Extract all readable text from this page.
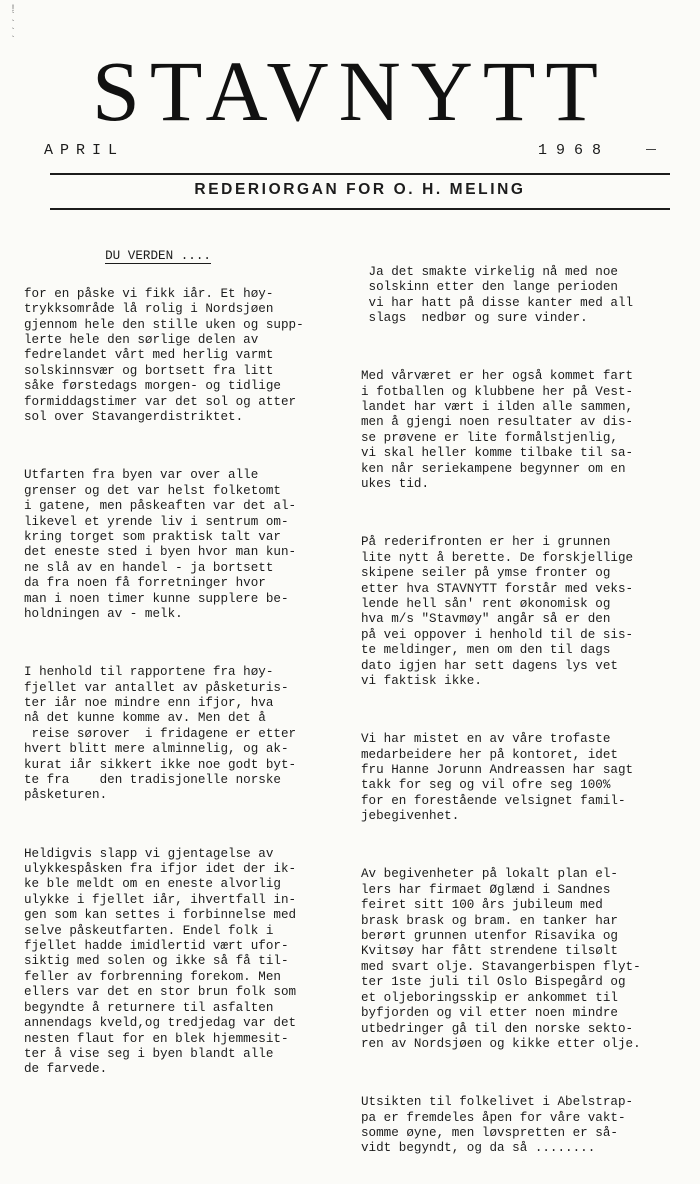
!
`
`
`
`
STAVNYTT
APRIL	1968
REDERIORGAN FOR O. H. MELING

DU VERDEN ....

for en påske vi fikk iår. Et høy-
trykksområde lå rolig i Nordsjøen
gjennom hele den stille uken og supp-
lerte hele den sørlige delen av
fedrelandet vårt med herlig varmt
solskinnsvær og bortsett fra litt
såke førstedags morgen- og tidlige
formiddagstimer var det sol og atter
sol over Stavangerdistriktet.

Utfarten fra byen var over alle
grenser og det var helst folketomt
i gatene, men påskeaften var det al-
likevel et yrende liv i sentrum om-
kring torget som praktisk talt var
det eneste sted i byen hvor man kun-
ne slå av en handel - ja bortsett
da fra noen få forretninger hvor
man i noen timer kunne supplere be-
holdningen av - melk.

I henhold til rapportene fra høy-
fjellet var antallet av påsketuris-
ter iår noe mindre enn ifjor, hva
nå det kunne komme av. Men det å
reise sørover  i fridagene er etter
hvert blitt mere alminnelig, og ak-
kurat iår sikkert ikke noe godt byt-
te fra    den tradisjonelle norske
påsketuren.

Heldigvis slapp vi gjentagelse av
ulykkespåsken fra ifjor idet der ik-
ke ble meldt om en eneste alvorlig
ulykke i fjellet iår, ihvertfall in-
gen som kan settes i forbinnelse med
selve påskeutfarten. Endel folk i
fjellet hadde imidlertid vært ufor-
siktig med solen og ikke så få til-
feller av forbrenning forekom. Men
ellers var det en stor brun folk som
begyndte å returnere til asfalten
annendags kveld,og tredjedag var det
nesten flaut for en blek hjemmesit-
ter å vise seg i byen blandt alle
de farvede.

Ja det smakte virkelig nå med noe
solskinn etter den lange perioden
vi har hatt på disse kanter med all
slags  nedbør og sure vinder.

Med vårværet er her også kommet fart
i fotballen og klubbene her på Vest-
landet har vært i ilden alle sammen,
men å gjengi noen resultater av dis-
se prøvene er lite formålstjenlig,
vi skal heller komme tilbake til sa-
ken når seriekampene begynner om en
ukes tid.

På rederifronten er her i grunnen
lite nytt å berette. De forskjellige
skipene seiler på ymse fronter og
etter hva STAVNYTT forstår med veks-
lende hell sån' rent økonomisk og
hva m/s "Stavmøy" angår så er den
på vei oppover i henhold til de sis-
te meldinger, men om den til dags
dato igjen har sett dagens lys vet
vi faktisk ikke.

Vi har mistet en av våre trofaste
medarbeidere her på kontoret, idet
fru Hanne Jorunn Andreassen har sagt
takk for seg og vil ofre seg 100%
for en forestående velsignet famil-
jebegivenhet.

Av begivenheter på lokalt plan el-
lers har firmaet Øglænd i Sandnes
feiret sitt 100 års jubileum med
brask brask og bram. en tanker har
berørt grunnen utenfor Risavika og
Kvitsøy har fått strendene tilsølt
med svart olje. Stavangerbispen flyt-
ter 1ste juli til Oslo Bispegård og
et oljeboringsskip er ankommet til
byfjorden og vil etter noen mindre
utbedringer gå til den norske sekto-
ren av Nordsjøen og kikke etter olje.

Utsikten til folkelivet i Abelstrap-
pa er fremdeles åpen for våre vakt-
somme øyne, men løvspretten er så-
vidt begyndt, og da så ........
